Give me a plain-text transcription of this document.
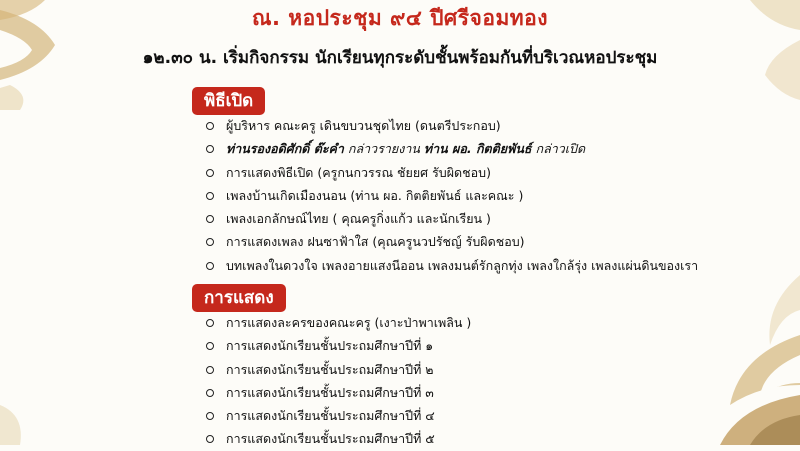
ณ. หอประชุม ๙๔ ปีศรีจอมทอง
๑๒.๓๐ น. เริ่มกิจกรรม นักเรียนทุกระดับชั้นพร้อมกันที่บริเวณหอประชุม
พิธีเปิด
ผู้บริหาร คณะครู เดินขบวนชุดไทย (ดนตรีประกอบ)
ท่านรองอดิศักดิ์ ต๊ะคำ กล่าวรายงาน ท่าน ผอ. กิตติยพันธ์ กล่าวเปิด
การแสดงพิธีเปิด (ครูกนกวรรณ ชัยยศ รับผิดชอบ)
เพลงบ้านเกิดเมืองนอน (ท่าน ผอ. กิตติยพันธ์ และคณะ )
เพลงเอกลักษณ์ไทย ( คุณครูกิ่งแก้ว และนักเรียน )
การแสดงเพลง ฝนซาฟ้าใส (คุณครูนวปรัชญ์ รับผิดชอบ)
บทเพลงในดวงใจ เพลงอายแสงนีออน เพลงมนต์รักลูกทุ่ง เพลงใกล้รุ่ง เพลงแผ่นดินของเรา
การแสดง
การแสดงละครของคณะครู (เงาะป่าพาเพลิน )
การแสดงนักเรียนชั้นประถมศึกษาปีที่ ๑
การแสดงนักเรียนชั้นประถมศึกษาปีที่ ๒
การแสดงนักเรียนชั้นประถมศึกษาปีที่ ๓
การแสดงนักเรียนชั้นประถมศึกษาปีที่ ๔
การแสดงนักเรียนชั้นประถมศึกษาปีที่ ๕
